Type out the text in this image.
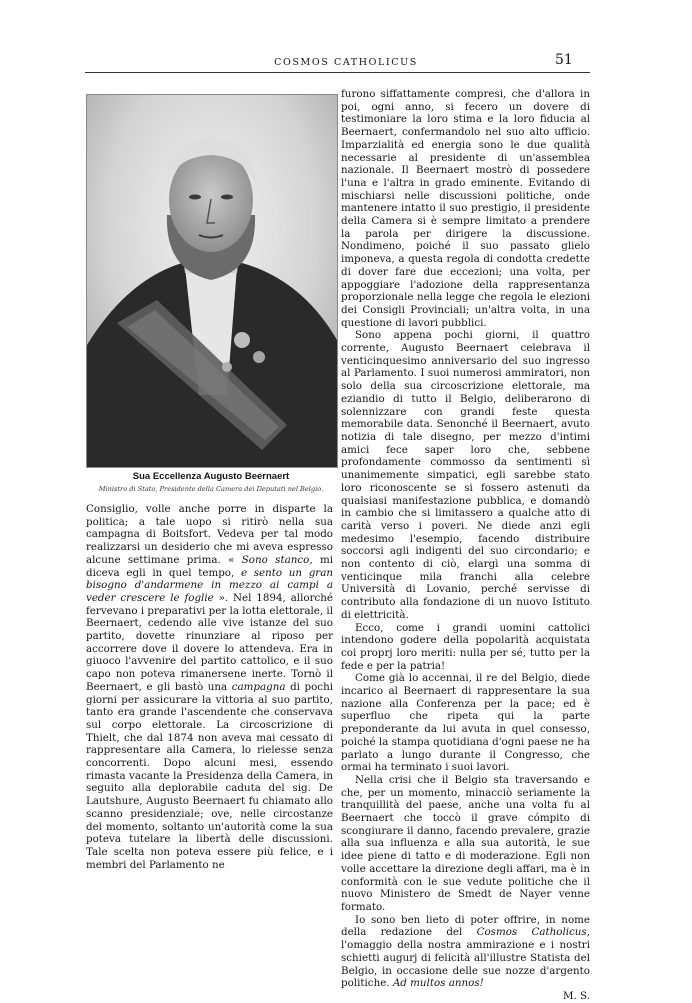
COSMOS CATHOLICUS	51
Sua Eccellenza Augusto Beernaert
Ministro di Stato, Presidente della Camera dei Deputati nel Belgio.

Consiglio, volle anche porre in disparte la politica; a tale uopo si ritirò nella sua campagna di Boitsfort. Vedeva per tal modo realizzarsi un desiderio che mi aveva espresso alcune settimane prima. « Sono stanco, mi diceva egli in quel tempo, e sento un gran bisogno d'andarmene in mezzo ai campi a veder crescere le foglie ». Nel 1894, allorché fervevano i preparativi per la lotta elettorale, il Beernaert, cedendo alle vive istanze del suo partito, dovette rinunziare al riposo per accorrere dove il dovere lo attendeva. Era in giuoco l'avvenire del partito cattolico, e il suo capo non poteva rimanersene inerte. Tornò il Beernaert, e gli bastò una campagna di pochi giorni per assicurare la vittoria al suo partito, tanto era grande l'ascendente che conservava sul corpo elettorale. La circoscrizione di Thielt, che dal 1874 non aveva mai cessato di rappresentare alla Camera, lo rielesse senza concorrenti. Dopo alcuni mesi, essendo rimasta vacante la Presidenza della Camera, in seguito alla deplorabile caduta del sig. De Lautshure, Augusto Beernaert fu chiamato allo scanno presidenziale; ove, nelle circostanze del momento, soltanto un'autorità come la sua poteva tutelare la libertà delle discussioni. Tale scelta non poteva essere più felice, e i membri del Parlamento ne

furono siffattamente compresi, che d'allora in poi, ogni anno, si fecero un dovere di testimoniare la loro stima e la loro fiducia al Beernaert, confermandolo nel suo alto ufficio. Imparzialità ed energia sono le due qualità necessarie al presidente di un'assemblea nazionale. Il Beernaert mostrò di possedere l'una e l'altra in grado eminente. Evitando di mischiarsi nelle discussioni politiche, onde mantenere intatto il suo prestigio, il presidente della Camera si è sempre limitato a prendere la parola per dirigere la discussione. Nondimeno, poiché il suo passato glielo imponeva, a questa regola di condotta credette di dover fare due eccezioni; una volta, per appoggiare l'adozione della rappresentanza proporzionale nella legge che regola le elezioni dei Consigli Provinciali; un'altra volta, in una questione di lavori pubblici.

Sono appena pochi giorni, il quattro corrente, Augusto Beernaert celebrava il venticinquesimo anniversario del suo ingresso al Parlamento. I suoi numerosi ammiratori, non solo della sua circoscrizione elettorale, ma eziandio di tutto il Belgio, deliberarono di solennizzare con grandi feste questa memorabile data. Senonché il Beernaert, avuto notizia di tale disegno, per mezzo d'intimi amici fece saper loro che, sebbene profondamente commosso da sentimenti sì unanimemente simpatici, egli sarebbe stato loro riconoscente se si fossero astenuti da qualsiasi manifestazione pubblica, e domandò in cambio che si limitassero a qualche atto di carità verso i poveri. Ne diede anzi egli medesimo l'esempio, facendo distribuire soccorsi agli indigenti del suo circondario; e non contento di ciò, elargì una somma di venticinque mila franchi alla celebre Università di Lovanio, perché servisse di contributo alla fondazione di un nuovo Istituto di elettricità.

Ecco, come i grandi uomini cattolici intendono godere della popolarità acquistata coi proprj loro meriti: nulla per sé, tutto per la fede e per la patria!

Come già lo accennai, il re del Belgio, diede incarico al Beernaert di rappresentare la sua nazione alla Conferenza per la pace; ed è superfluo che ripeta qui la parte preponderante da lui avuta in quel consesso, poiché la stampa quotidiana d'ogni paese ne ha parlato a lungo durante il Congresso, che ormai ha terminato i suoi lavori.

Nella crisi che il Belgio sta traversando e che, per un momento, minacciò seriamente la tranquillità del paese, anche una volta fu al Beernaert che toccò il grave cómpito di scongiurare il danno, facendo prevalere, grazie alla sua influenza e alla sua autorità, le sue idee piene di tatto e di moderazione. Egli non volle accettare la direzione degli affari, ma è in conformità con le sue vedute politiche che il nuovo Ministero de Smedt de Nayer venne formato.

Io sono ben lieto di poter offrire, in nome della redazione del Cosmos Catholicus, l'omaggio della nostra ammirazione e i nostri schietti augurj di felicità all'illustre Statista del Belgio, in occasione delle sue nozze d'argento politiche. Ad multos annos!

M. S.
